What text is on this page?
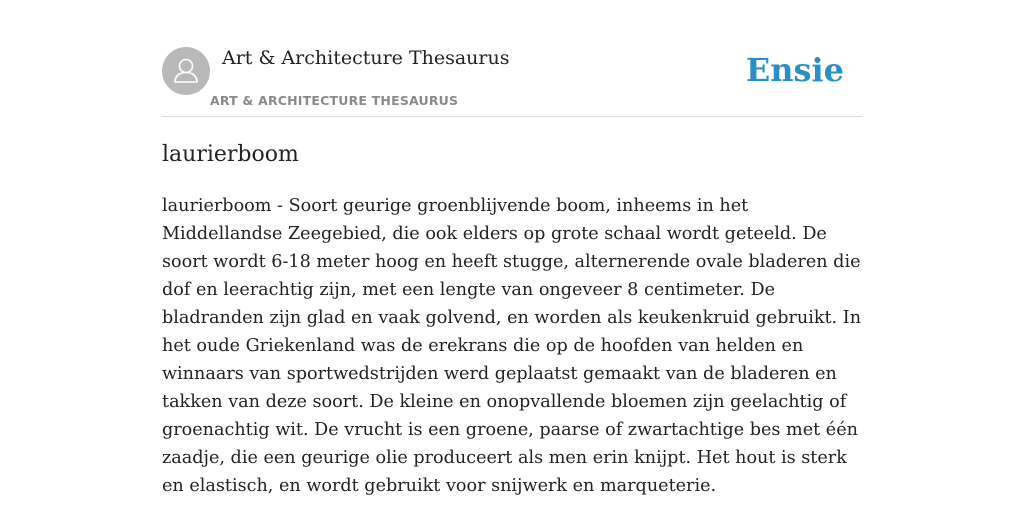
Art & Architecture Thesaurus
ART & ARCHITECTURE THESAURUS
Ensie
laurierboom

laurierboom - Soort geurige groenblijvende boom, inheems in het Middellandse Zeegebied, die ook elders op grote schaal wordt geteeld. De soort wordt 6-18 meter hoog en heeft stugge, alternerende ovale bladeren die dof en leerachtig zijn, met een lengte van ongeveer 8 centimeter. De bladranden zijn glad en vaak golvend, en worden als keukenkruid gebruikt. In het oude Griekenland was de erekrans die op de hoofden van helden en winnaars van sportwedstrijden werd geplaatst gemaakt van de bladeren en takken van deze soort. De kleine en onopvallende bloemen zijn geelachtig of groenachtig wit. De vrucht is een groene, paarse of zwartachtige bes met één zaadje, die een geurige olie produceert als men erin knijpt. Het hout is sterk en elastisch, en wordt gebruikt voor snijwerk en marqueterie.
